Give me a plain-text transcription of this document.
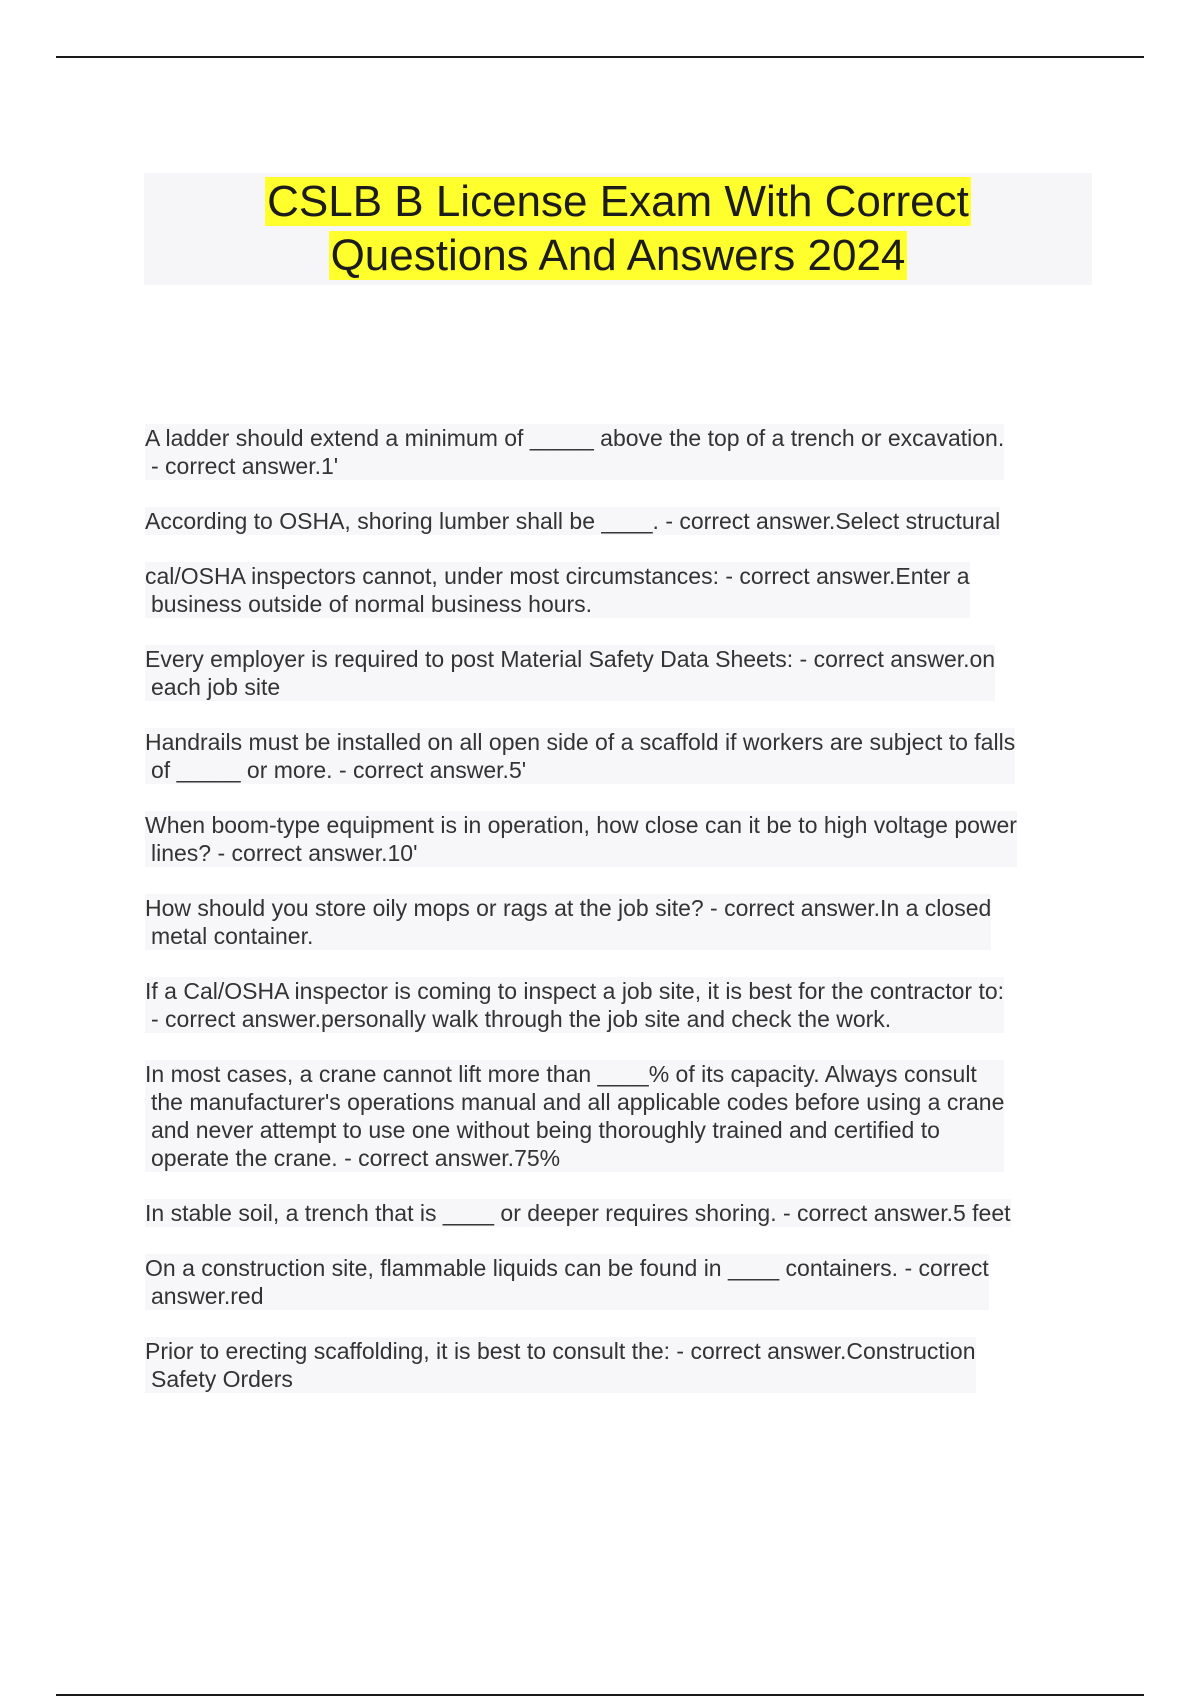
CSLB B License Exam With Correct
Questions And Answers 2024
A ladder should extend a minimum of _____ above the top of a trench or excavation.
- correct answer.1'
According to OSHA, shoring lumber shall be ____. - correct answer.Select structural
cal/OSHA inspectors cannot, under most circumstances: - correct answer.Enter a
business outside of normal business hours.
Every employer is required to post Material Safety Data Sheets: - correct answer.on
each job site
Handrails must be installed on all open side of a scaffold if workers are subject to falls
of _____ or more. - correct answer.5'
When boom-type equipment is in operation, how close can it be to high voltage power
lines? - correct answer.10'
How should you store oily mops or rags at the job site? - correct answer.In a closed
metal container.
If a Cal/OSHA inspector is coming to inspect a job site, it is best for the contractor to:
- correct answer.personally walk through the job site and check the work.
In most cases, a crane cannot lift more than ____% of its capacity. Always consult
the manufacturer's operations manual and all applicable codes before using a crane
and never attempt to use one without being thoroughly trained and certified to
operate the crane. - correct answer.75%
In stable soil, a trench that is ____ or deeper requires shoring. - correct answer.5 feet
On a construction site, flammable liquids can be found in ____ containers. - correct
answer.red
Prior to erecting scaffolding, it is best to consult the: - correct answer.Construction
Safety Orders
